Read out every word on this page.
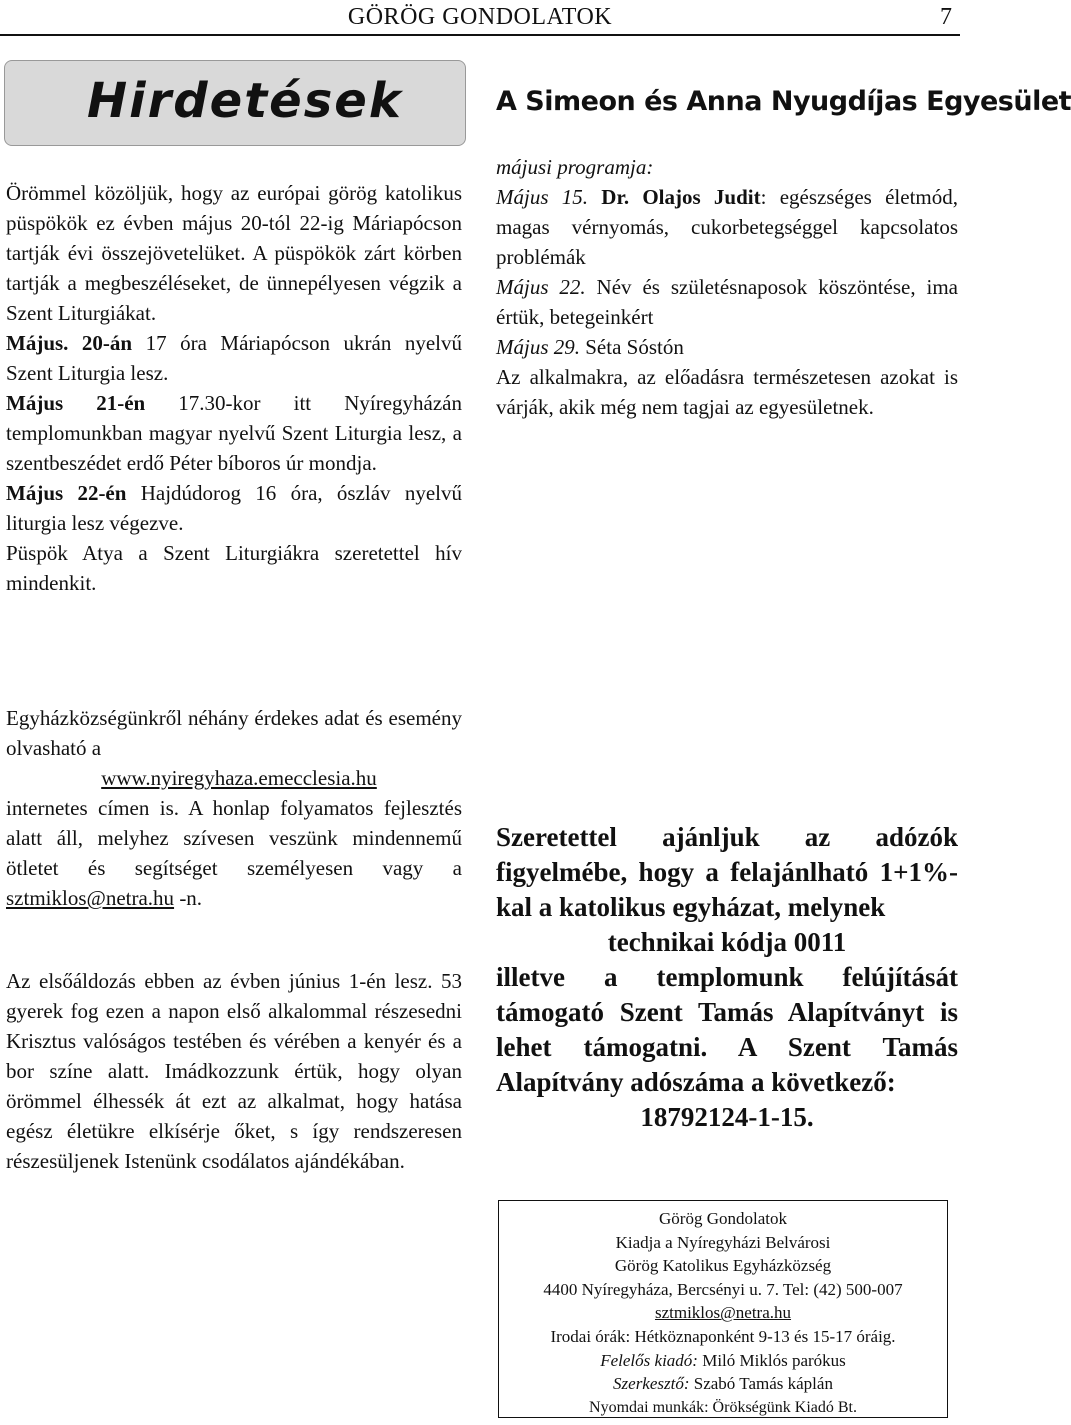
GÖRÖG GONDOLATOK	7
Hirdetések

Örömmel közöljük, hogy az európai görög katolikus püspökök ez évben május 20-tól 22-ig Máriapócson tartják évi összejövetelüket. A püspökök zárt körben tartják a megbeszéléseket, de ünnepélyesen végzik a Szent Liturgiákat.

Május. 20-án 17 óra Máriapócson ukrán nyelvű Szent Liturgia lesz.

Május 21-én 17.30-kor itt Nyíregyházán templomunkban magyar nyelvű Szent Liturgia lesz, a szentbeszédet erdő Péter bíboros úr mondja.

Május 22-én Hajdúdorog 16 óra, ószláv nyelvű liturgia lesz végezve.

Püspök Atya a Szent Liturgiákra szeretettel hív mindenkit.

Egyházközségünkről néhány érdekes adat és esemény olvasható a

www.nyiregyhaza.emecclesia.hu

internetes címen is. A honlap folyamatos fejlesztés alatt áll, melyhez szívesen veszünk mindennemű ötletet és segítséget személyesen vagy a sztmiklos@netra.hu -n.

Az elsőáldozás ebben az évben június 1-én lesz. 53 gyerek fog ezen a napon első alkalommal részesedni Krisztus valóságos testében és vérében a kenyér és a bor színe alatt. Imádkozzunk értük, hogy olyan örömmel élhessék át ezt az alkalmat, hogy hatása egész életükre elkísérje őket, s így rendszeresen részesüljenek Istenünk csodálatos ajándékában.

A Simeon és Anna Nyugdíjas Egyesület

májusi programja:

Május 15. Dr. Olajos Judit: egészséges életmód, magas vérnyomás, cukorbetegséggel kapcsolatos problémák

Május 22. Név és születésnaposok köszöntése, ima értük, betegeinkért

Május 29. Séta Sóstón

Az alkalmakra, az előadásra természetesen azokat is várják, akik még nem tagjai az egyesületnek.

Szeretettel ajánljuk az adózók figyelmébe, hogy a felajánlható 1+1%-kal a katolikus egyházat, melynek

technikai kódja 0011

illetve a templomunk felújítását támogató Szent Tamás Alapítványt is lehet támogatni. A Szent Tamás Alapítvány adószáma a következő:

18792124-1-15.

Görög Gondolatok
Kiadja a Nyíregyházi Belvárosi
Görög Katolikus Egyházközség
4400 Nyíregyháza, Bercsényi u. 7. Tel: (42) 500-007
sztmiklos@netra.hu
Irodai órák: Hétköznaponként 9-13 és 15-17 óráig.
Felelős kiadó: Miló Miklós parókus
Szerkesztő: Szabó Tamás káplán
Nyomdai munkák: Örökségünk Kiadó Bt.
